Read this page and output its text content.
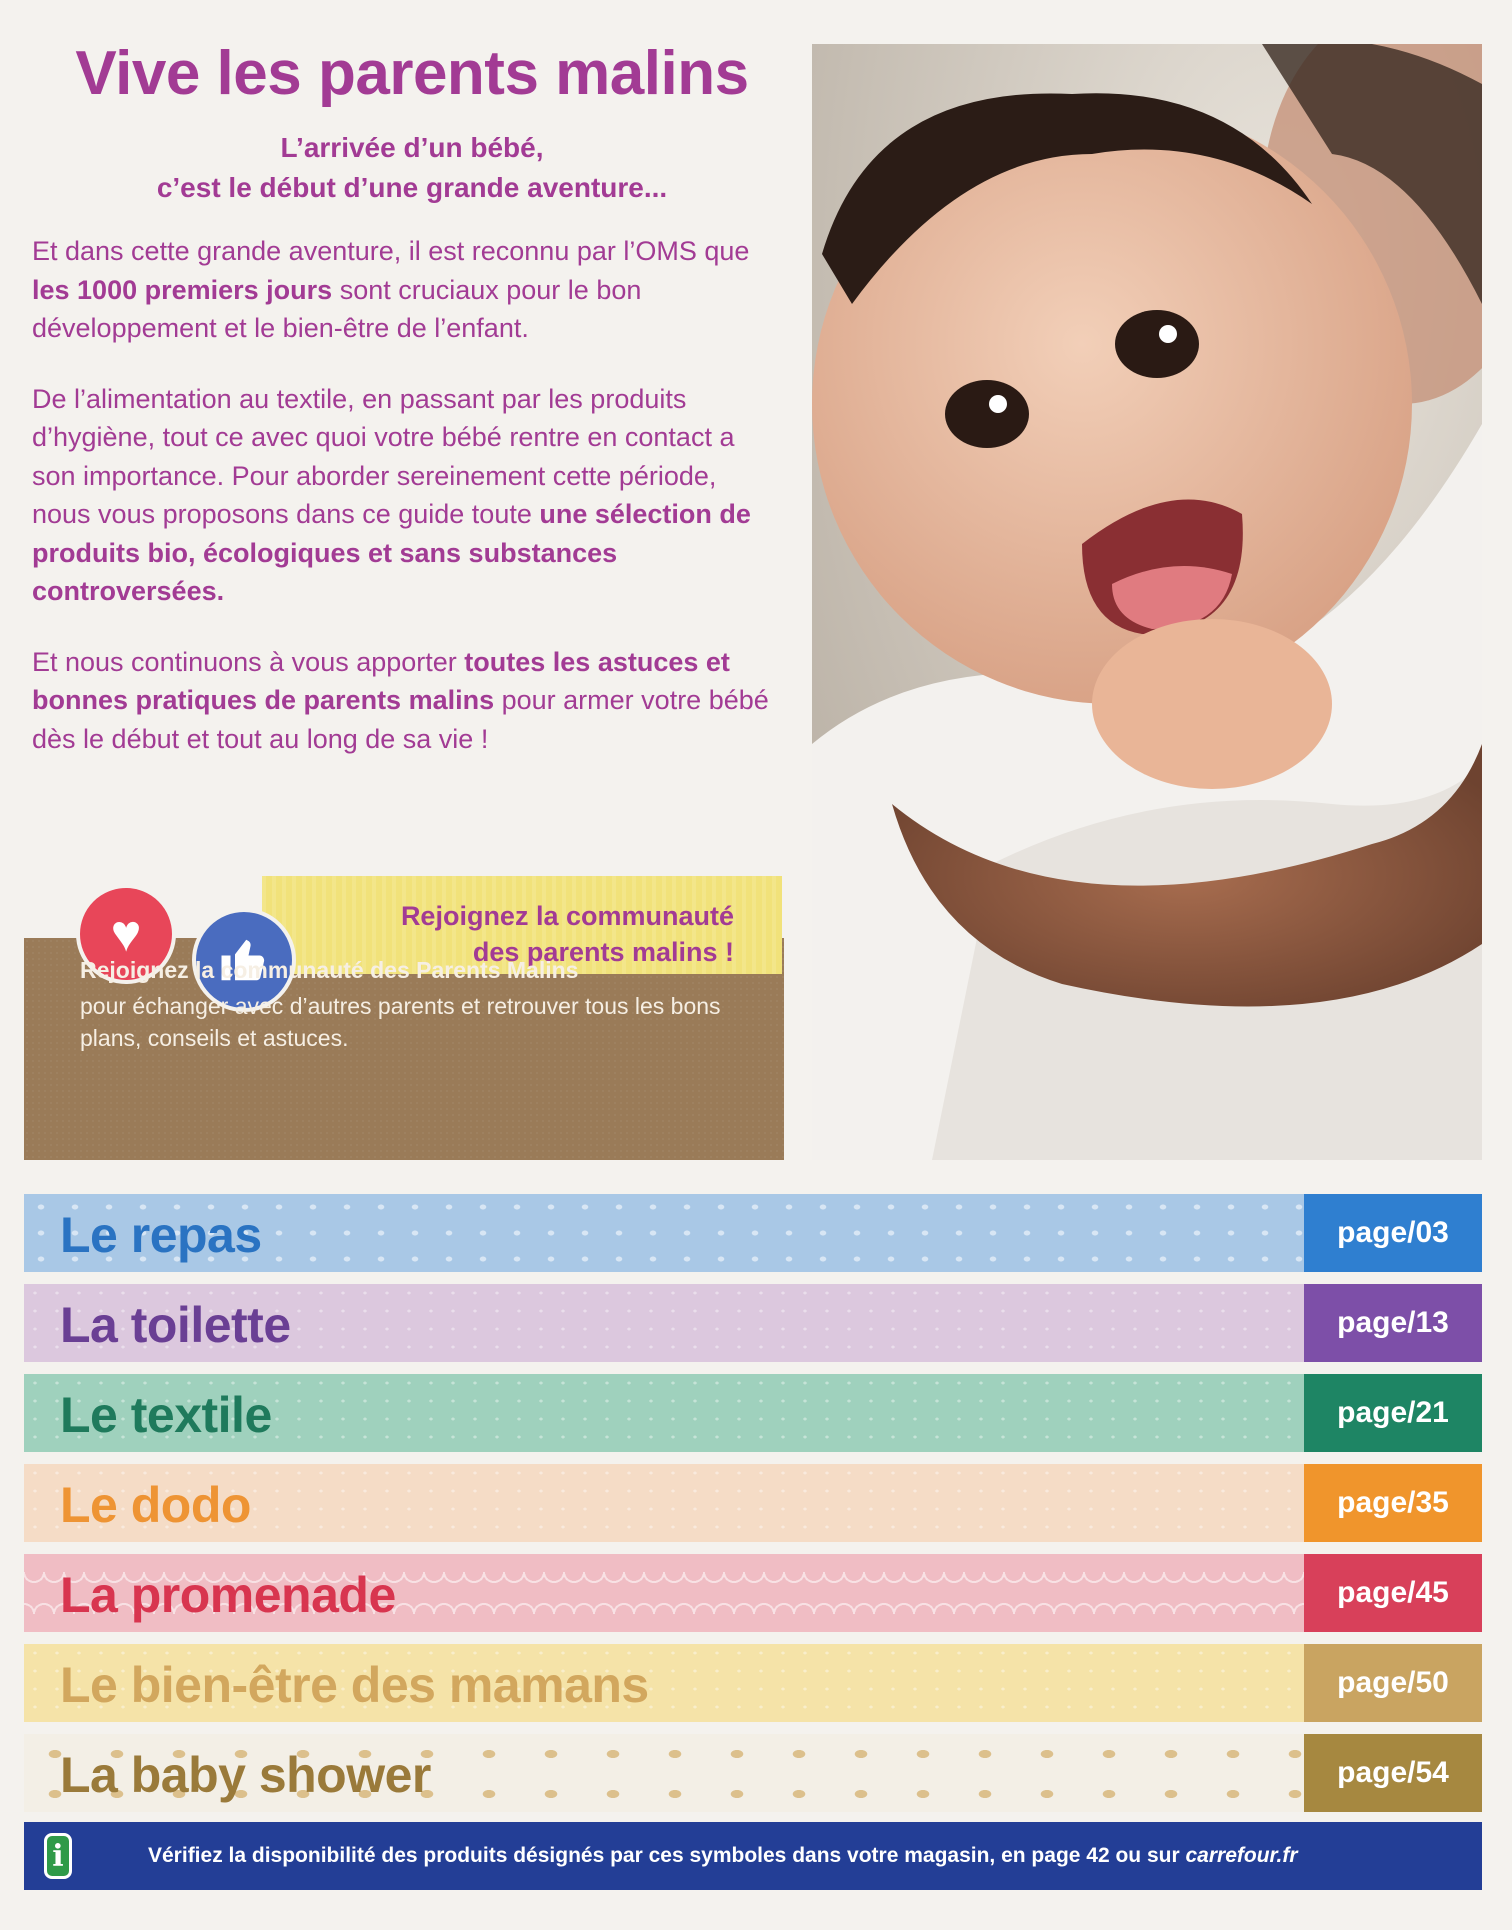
Vive les parents malins

L’arrivée d’un bébé,
c’est le début d’une grande aventure...

Et dans cette grande aventure, il est reconnu par l’OMS que les 1000 premiers jours sont cruciaux pour le bon développement et le bien-être de l’enfant.

De l’alimentation au textile, en passant par les produits d’hygiène, tout ce avec quoi votre bébé rentre en contact a son importance. Pour aborder sereinement cette période, nous vous proposons dans ce guide toute une sélection de produits bio, écologiques et sans substances controversées.

Et nous continuons à vous apporter toutes les astuces et bonnes pratiques de parents malins pour armer votre bébé dès le début et tout au long de sa vie !

Rejoignez la communauté
des parents malins !
♥

Rejoignez la communauté des Parents Malins

pour échanger avec d’autres parents et retrouver tous les bons plans, conseils et astuces.

Le repas	page/03
La toilette	page/13
Le textile	page/21
Le dodo	page/35
La promenade	page/45
Le bien-être des mamans	page/50
La baby shower	page/54
i	Vérifiez la disponibilité des produits désignés par ces symboles dans votre magasin, en page 42 ou sur carrefour.fr
